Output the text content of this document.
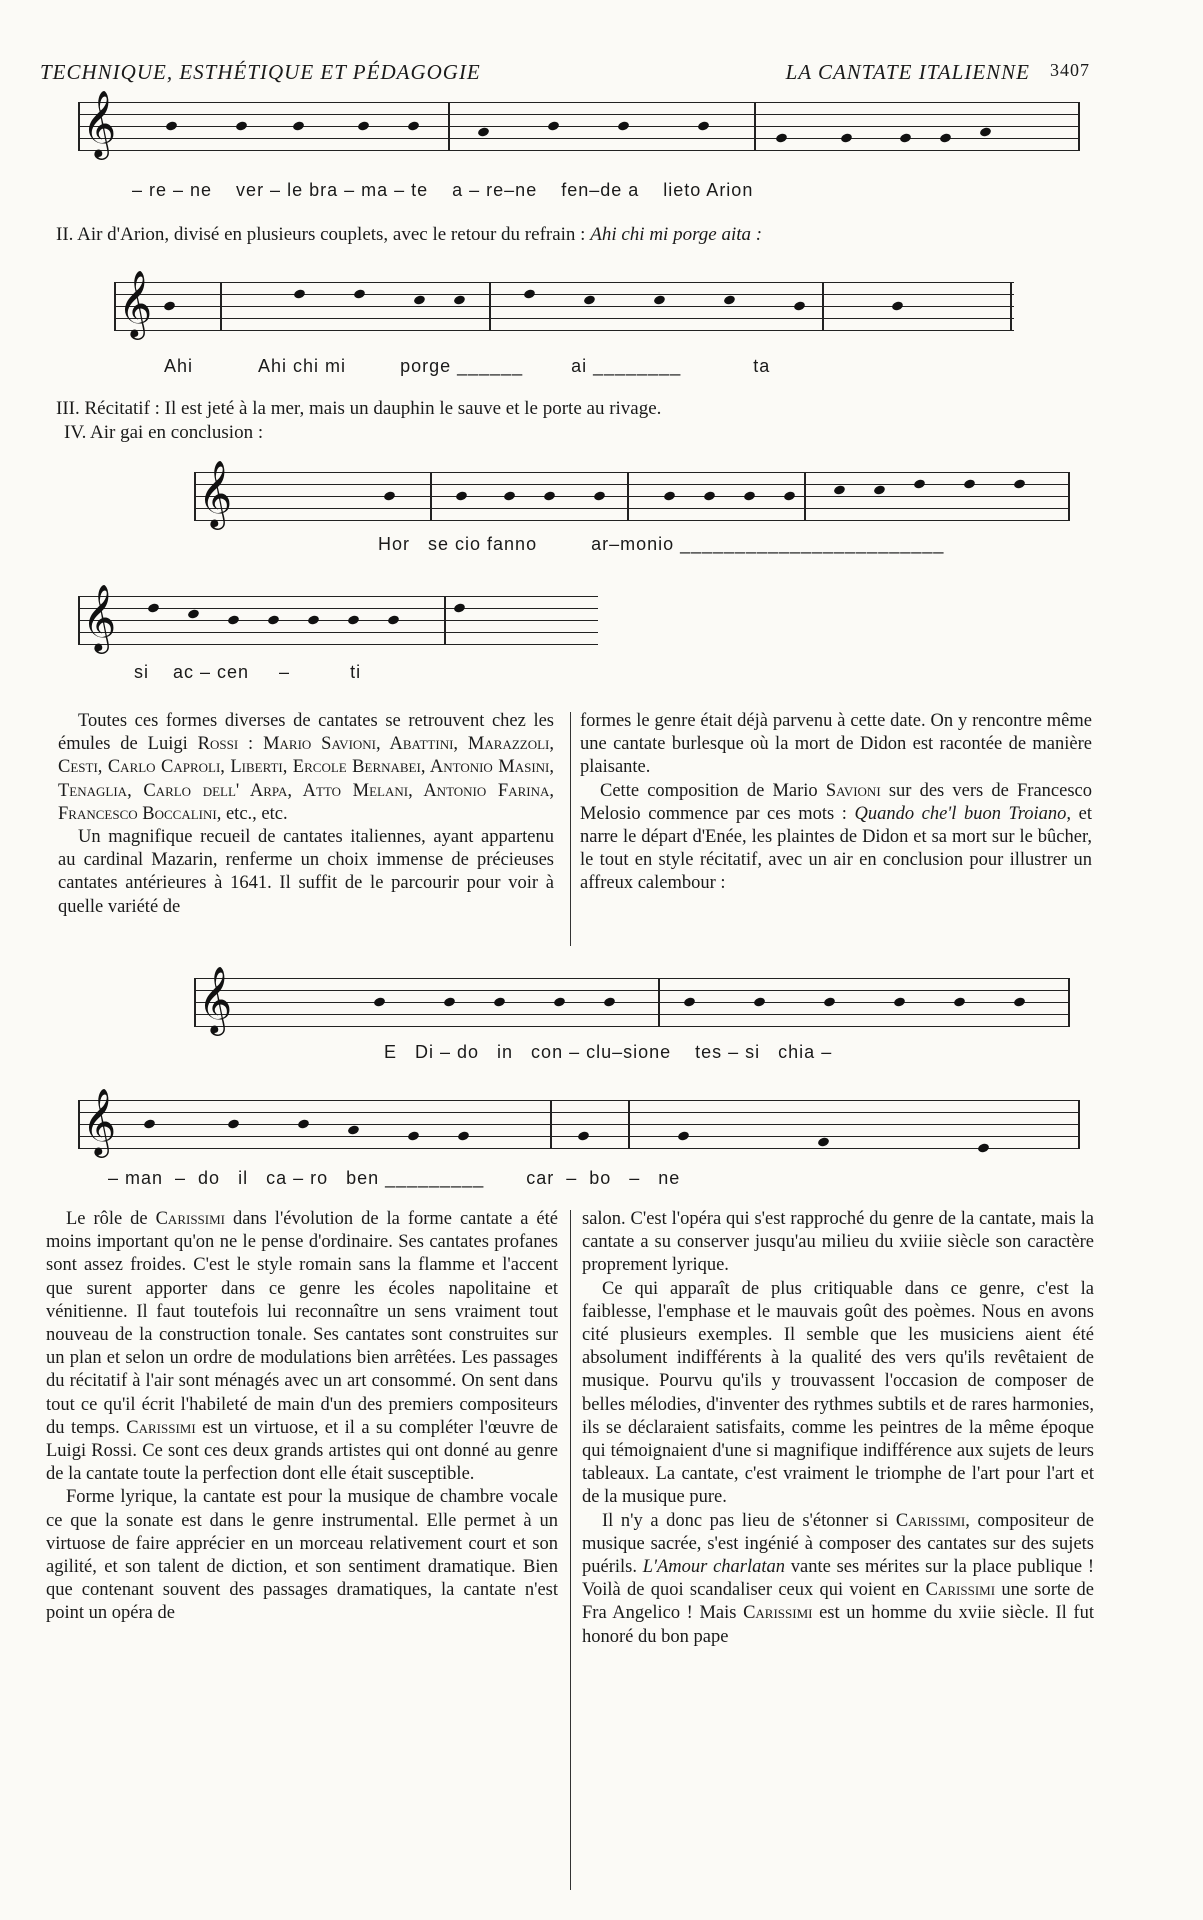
TECHNIQUE, ESTHÉTIQUE ET PÉDAGOGIE	LA CANTATE ITALIENNE 3407
𝄞
– re – ne    ver – le bra – ma – te    a – re–ne    fen–de a    lieto Arion
II. Air d'Arion, divisé en plusieurs couplets, avec le retour du refrain : Ahi chi mi porge aita :
𝄞
Ahi           Ahi chi mi         porge ______        ai ________            ta
III. Récitatif : Il est jeté à la mer, mais un dauphin le sauve et le porte au rivage.
IV. Air gai en conclusion :
𝄞
Hor   se cio fanno         ar–monio ________________________
𝄞
si    ac – cen     –          ti

Toutes ces formes diverses de cantates se retrouvent chez les émules de Luigi Rossi : Mario Savioni, Abattini, Marazzoli, Cesti, Carlo Caproli, Liberti, Ercole Bernabei, Antonio Masini, Tenaglia, Carlo dell' Arpa, Atto Melani, Antonio Farina, Francesco Boccalini, etc., etc.

Un magnifique recueil de cantates italiennes, ayant appartenu au cardinal Mazarin, renferme un choix immense de précieuses cantates antérieures à 1641. Il suffit de le parcourir pour voir à quelle variété de

formes le genre était déjà parvenu à cette date. On y rencontre même une cantate burlesque où la mort de Didon est racontée de manière plaisante.

Cette composition de Mario Savioni sur des vers de Francesco Melosio commence par ces mots : Quando che'l buon Troiano, et narre le départ d'Enée, les plaintes de Didon et sa mort sur le bûcher, le tout en style récitatif, avec un air en conclusion pour illustrer un affreux calembour :

𝄞
E   Di – do   in   con – clu–sione    tes – si   chia –
𝄞
– man  –  do   il   ca – ro   ben _________       car  –  bo   –   ne

Le rôle de Carissimi dans l'évolution de la forme cantate a été moins important qu'on ne le pense d'ordinaire. Ses cantates profanes sont assez froides. C'est le style romain sans la flamme et l'accent que surent apporter dans ce genre les écoles napolitaine et vénitienne. Il faut toutefois lui reconnaître un sens vraiment tout nouveau de la construction tonale. Ses cantates sont construites sur un plan et selon un ordre de modulations bien arrêtées. Les passages du récitatif à l'air sont ménagés avec un art consommé. On sent dans tout ce qu'il écrit l'habileté de main d'un des premiers compositeurs du temps. Carissimi est un virtuose, et il a su compléter l'œuvre de Luigi Rossi. Ce sont ces deux grands artistes qui ont donné au genre de la cantate toute la perfection dont elle était susceptible.

Forme lyrique, la cantate est pour la musique de chambre vocale ce que la sonate est dans le genre instrumental. Elle permet à un virtuose de faire apprécier en un morceau relativement court et son agilité, et son talent de diction, et son sentiment dramatique. Bien que contenant souvent des passages dramatiques, la cantate n'est point un opéra de

salon. C'est l'opéra qui s'est rapproché du genre de la cantate, mais la cantate a su conserver jusqu'au milieu du xviiie siècle son caractère proprement lyrique.

Ce qui apparaît de plus critiquable dans ce genre, c'est la faiblesse, l'emphase et le mauvais goût des poèmes. Nous en avons cité plusieurs exemples. Il semble que les musiciens aient été absolument indifférents à la qualité des vers qu'ils revêtaient de musique. Pourvu qu'ils y trouvassent l'occasion de composer de belles mélodies, d'inventer des rythmes subtils et de rares harmonies, ils se déclaraient satisfaits, comme les peintres de la même époque qui témoignaient d'une si magnifique indifférence aux sujets de leurs tableaux. La cantate, c'est vraiment le triomphe de l'art pour l'art et de la musique pure.

Il n'y a donc pas lieu de s'étonner si Carissimi, compositeur de musique sacrée, s'est ingénié à composer des cantates sur des sujets puérils. L'Amour charlatan vante ses mérites sur la place publique ! Voilà de quoi scandaliser ceux qui voient en Carissimi une sorte de Fra Angelico ! Mais Carissimi est un homme du xviie siècle. Il fut honoré du bon pape
